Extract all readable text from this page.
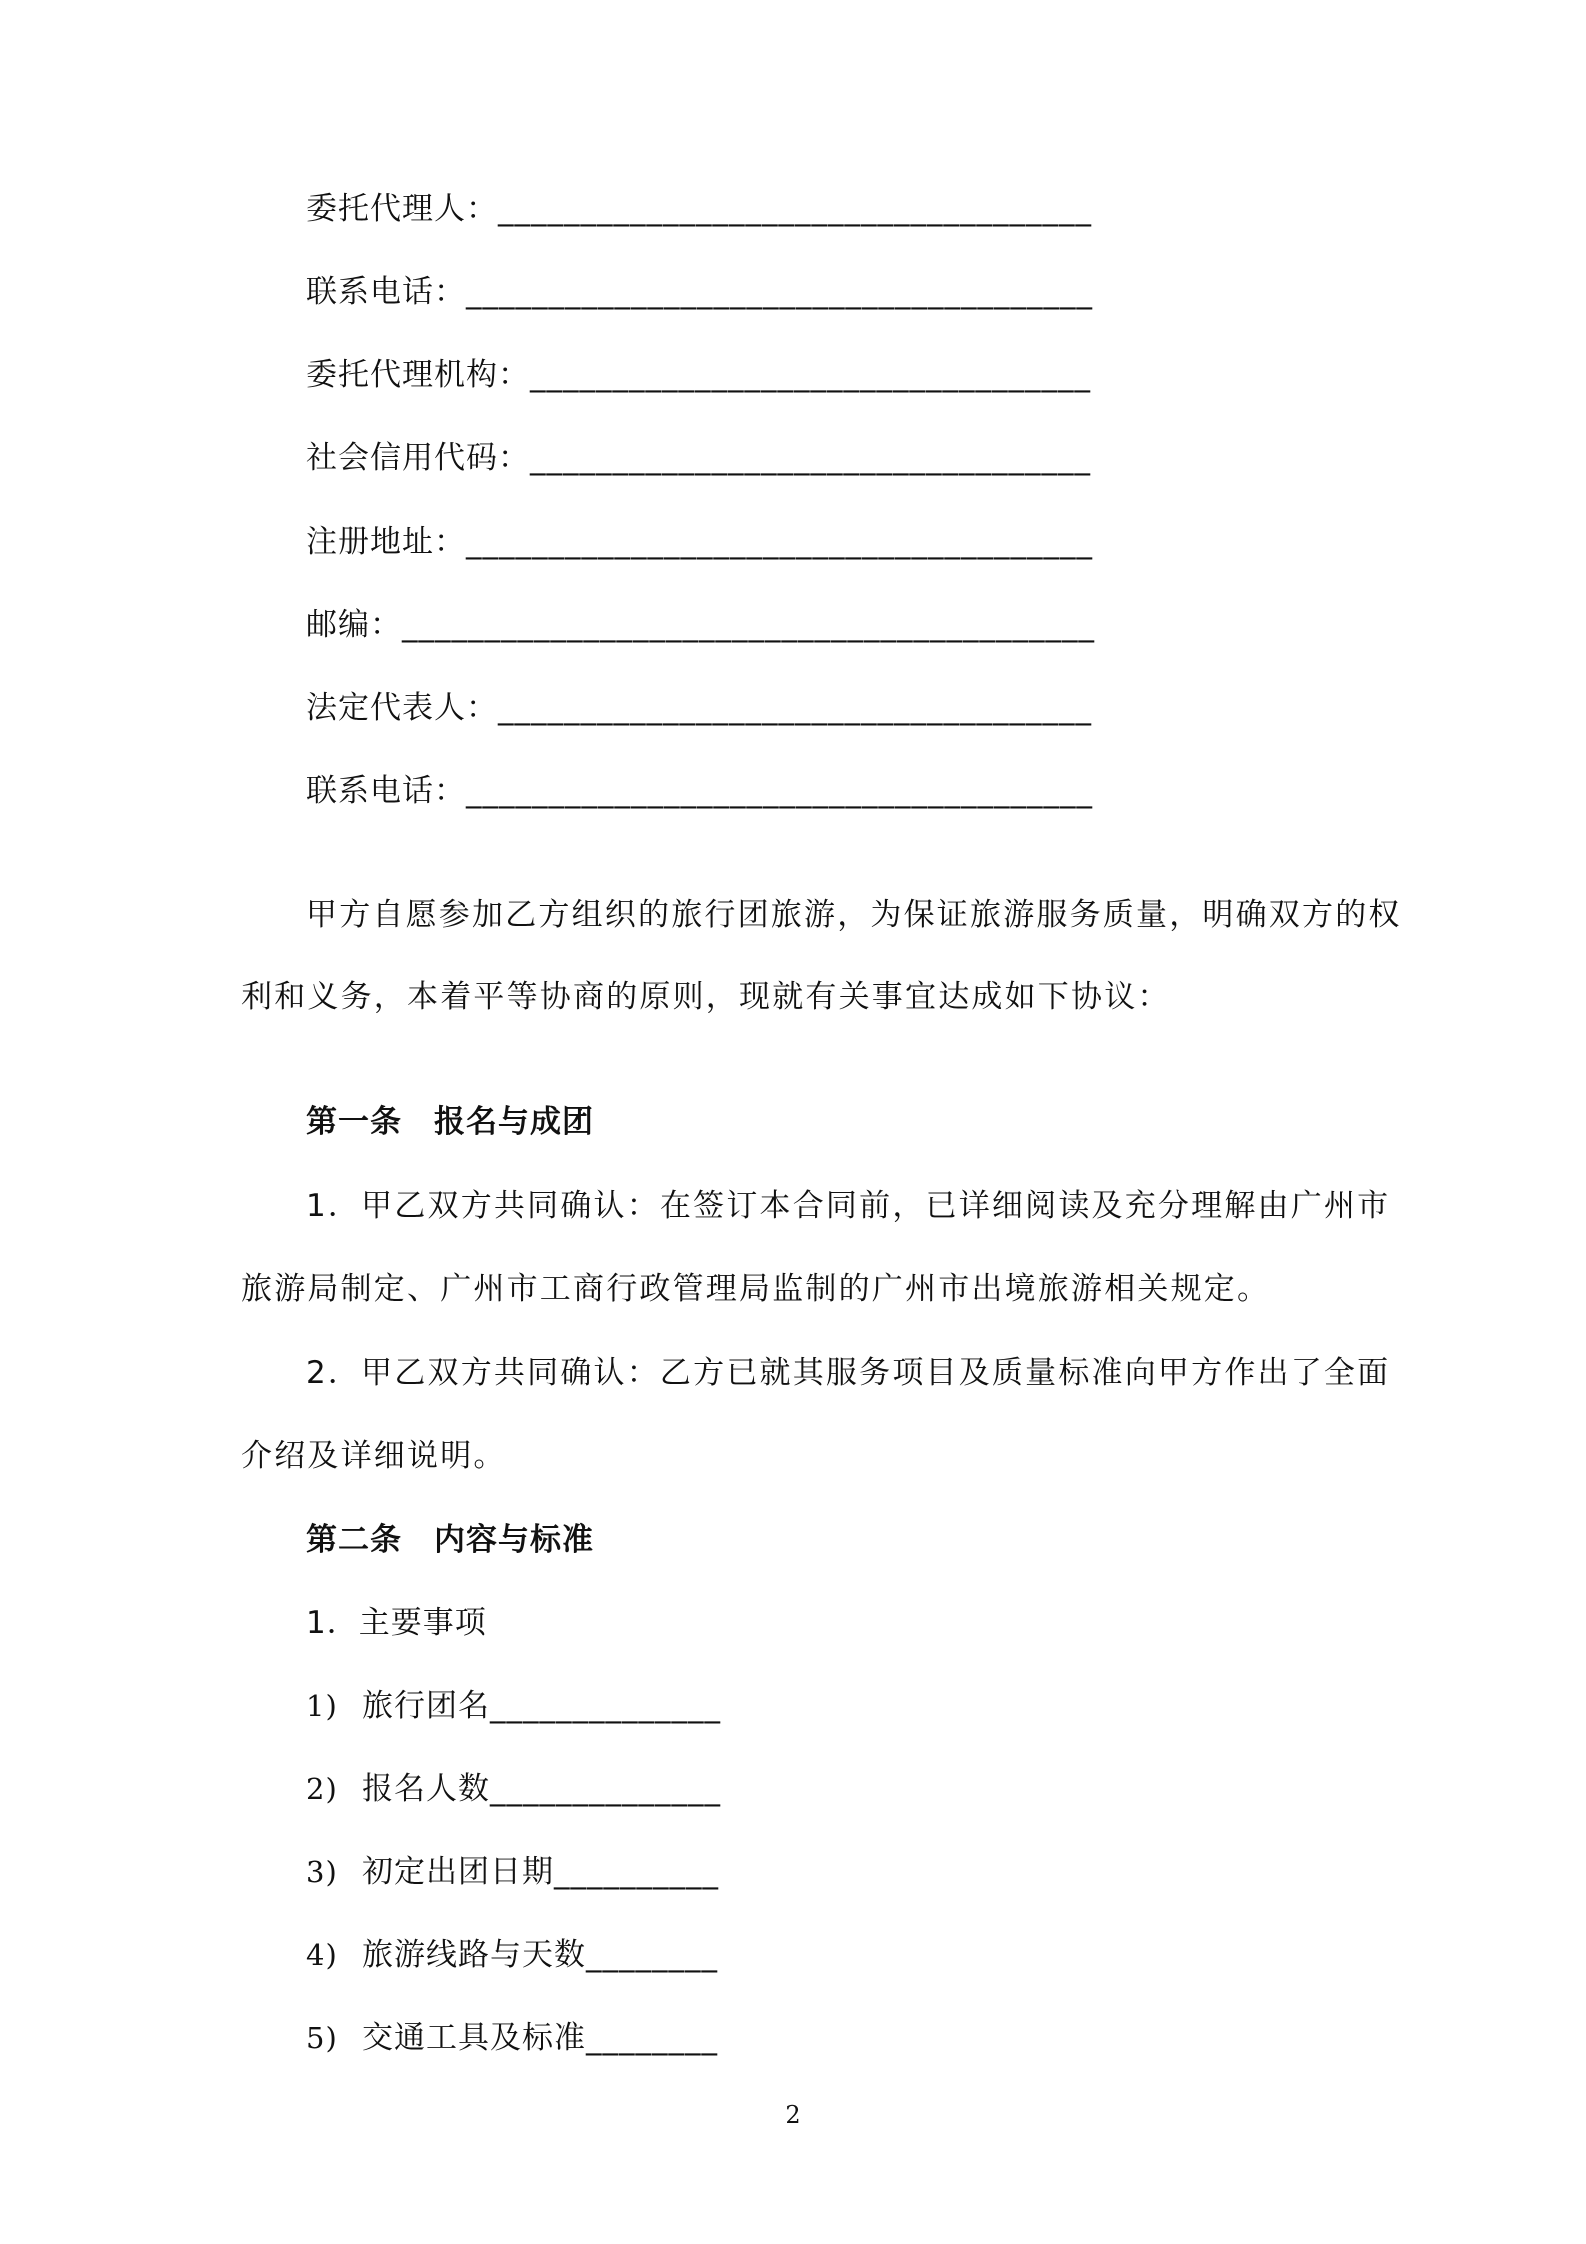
委托代理人：____________________________________
联系电话：______________________________________
委托代理机构：__________________________________
社会信用代码：__________________________________
注册地址：______________________________________
邮编：__________________________________________
法定代表人：____________________________________
联系电话：______________________________________
甲方自愿参加乙方组织的旅行团旅游，为保证旅游服务质量，明确双方的权
利和义务，本着平等协商的原则，现就有关事宜达成如下协议：
第一条　报名与成团
1．甲乙双方共同确认：在签订本合同前，已详细阅读及充分理解由广州市
旅游局制定、广州市工商行政管理局监制的广州市出境旅游相关规定。
2．甲乙双方共同确认：乙方已就其服务项目及质量标准向甲方作出了全面
介绍及详细说明。
第二条　内容与标准
1．主要事项
1) 旅行团名______________
2) 报名人数______________
3) 初定出团日期__________
4) 旅游线路与天数________
5) 交通工具及标准________
2
